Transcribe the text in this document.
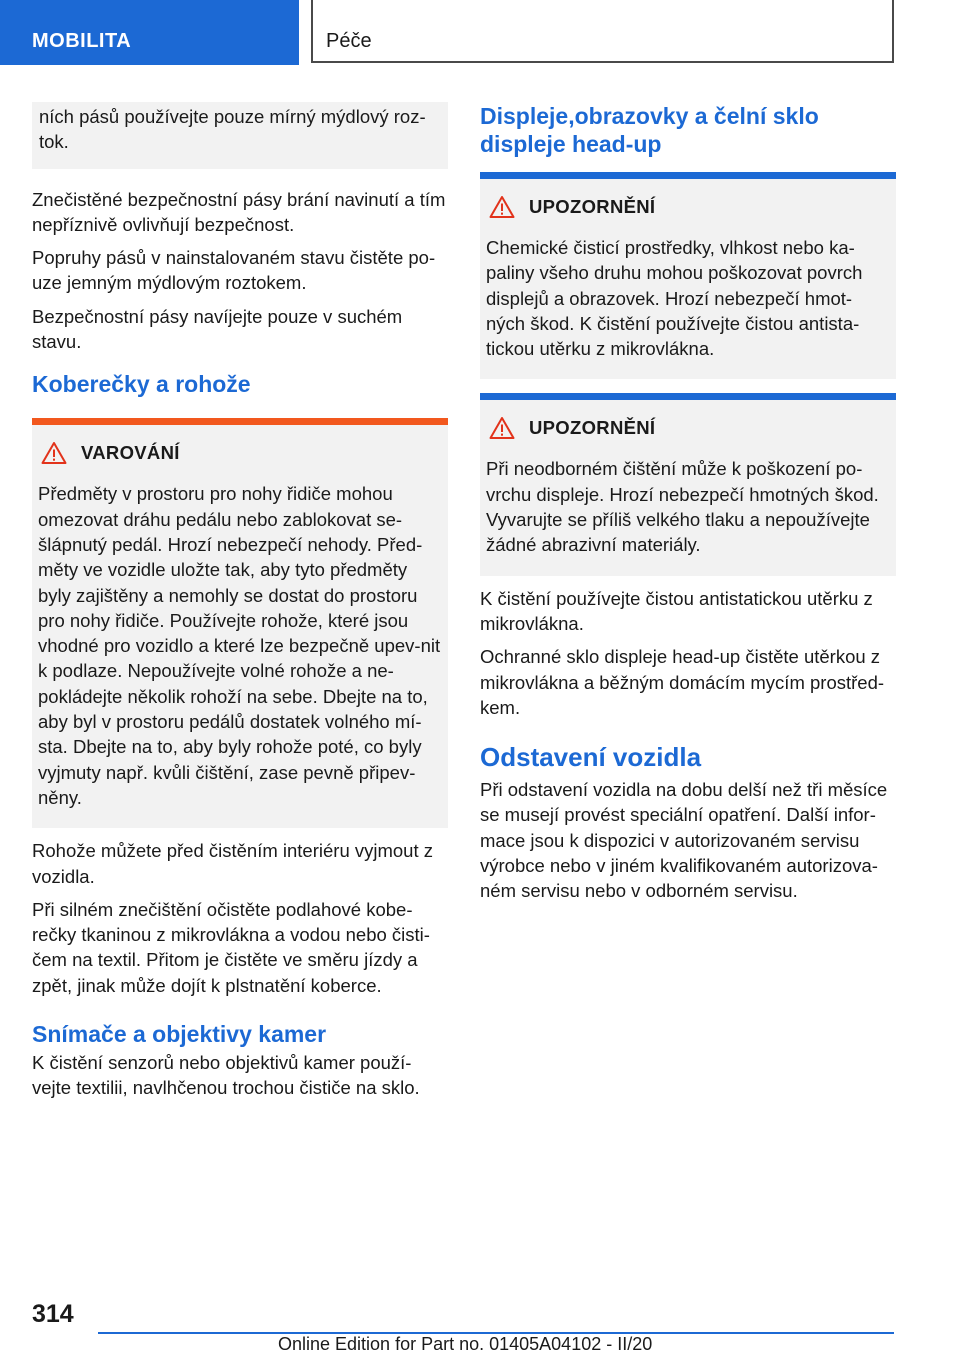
MOBILITA	Péče

ních pásů používejte pouze mírný mýdlový roz-tok.

Znečistěné bezpečnostní pásy brání navinutí a tím nepříznivě ovlivňují bezpečnost.

Popruhy pásů v nainstalovaném stavu čistěte po-uze jemným mýdlovým roztokem.

Bezpečnostní pásy navíjejte pouze v suchém stavu.

Koberečky a rohože
VAROVÁNÍ

Předměty v prostoru pro nohy řidiče mohou omezovat dráhu pedálu nebo zablokovat se-šlápnutý pedál. Hrozí nebezpečí nehody. Před-měty ve vozidle uložte tak, aby tyto předměty byly zajištěny a nemohly se dostat do prostoru pro nohy řidiče. Používejte rohože, které jsou vhodné pro vozidlo a které lze bezpečně upev-nit k podlaze. Nepoužívejte volné rohože a ne-pokládejte několik rohoží na sebe. Dbejte na to, aby byl v prostoru pedálů dostatek volného mí-sta. Dbejte na to, aby byly rohože poté, co byly vyjmuty např. kvůli čištění, zase pevně připev-něny.

Rohože můžete před čistěním interiéru vyjmout z vozidla.

Při silném znečištění očistěte podlahové kobe-rečky tkaninou z mikrovlákna a vodou nebo čisti-čem na textil. Přitom je čistěte ve směru jízdy a zpět, jinak může dojít k plstnatění koberce.

Snímače a objektivy kamer

K čistění senzorů nebo objektivů kamer použí-vejte textilii, navlhčenou trochou čističe na sklo.

Displeje,obrazovky a čelní sklo displeje head-up
UPOZORNĚNÍ

Chemické čisticí prostředky, vlhkost nebo ka-paliny všeho druhu mohou poškozovat povrch displejů a obrazovek. Hrozí nebezpečí hmot-ných škod. K čistění používejte čistou antista-tickou utěrku z mikrovlákna.

UPOZORNĚNÍ

Při neodborném čištění může k poškození po-vrchu displeje. Hrozí nebezpečí hmotných škod. Vyvarujte se příliš velkého tlaku a nepoužívejte žádné abrazivní materiály.

K čistění používejte čistou antistatickou utěrku z mikrovlákna.

Ochranné sklo displeje head-up čistěte utěrkou z mikrovlákna a běžným domácím mycím prostřed-kem.

Odstavení vozidla

Při odstavení vozidla na dobu delší než tři měsíce se musejí provést speciální opatření. Další infor-mace jsou k dispozici v autorizovaném servisu výrobce nebo v jiném kvalifikovaném autorizova-ném servisu nebo v odborném servisu.

314
Online Edition for Part no. 01405A04102 - II/20
